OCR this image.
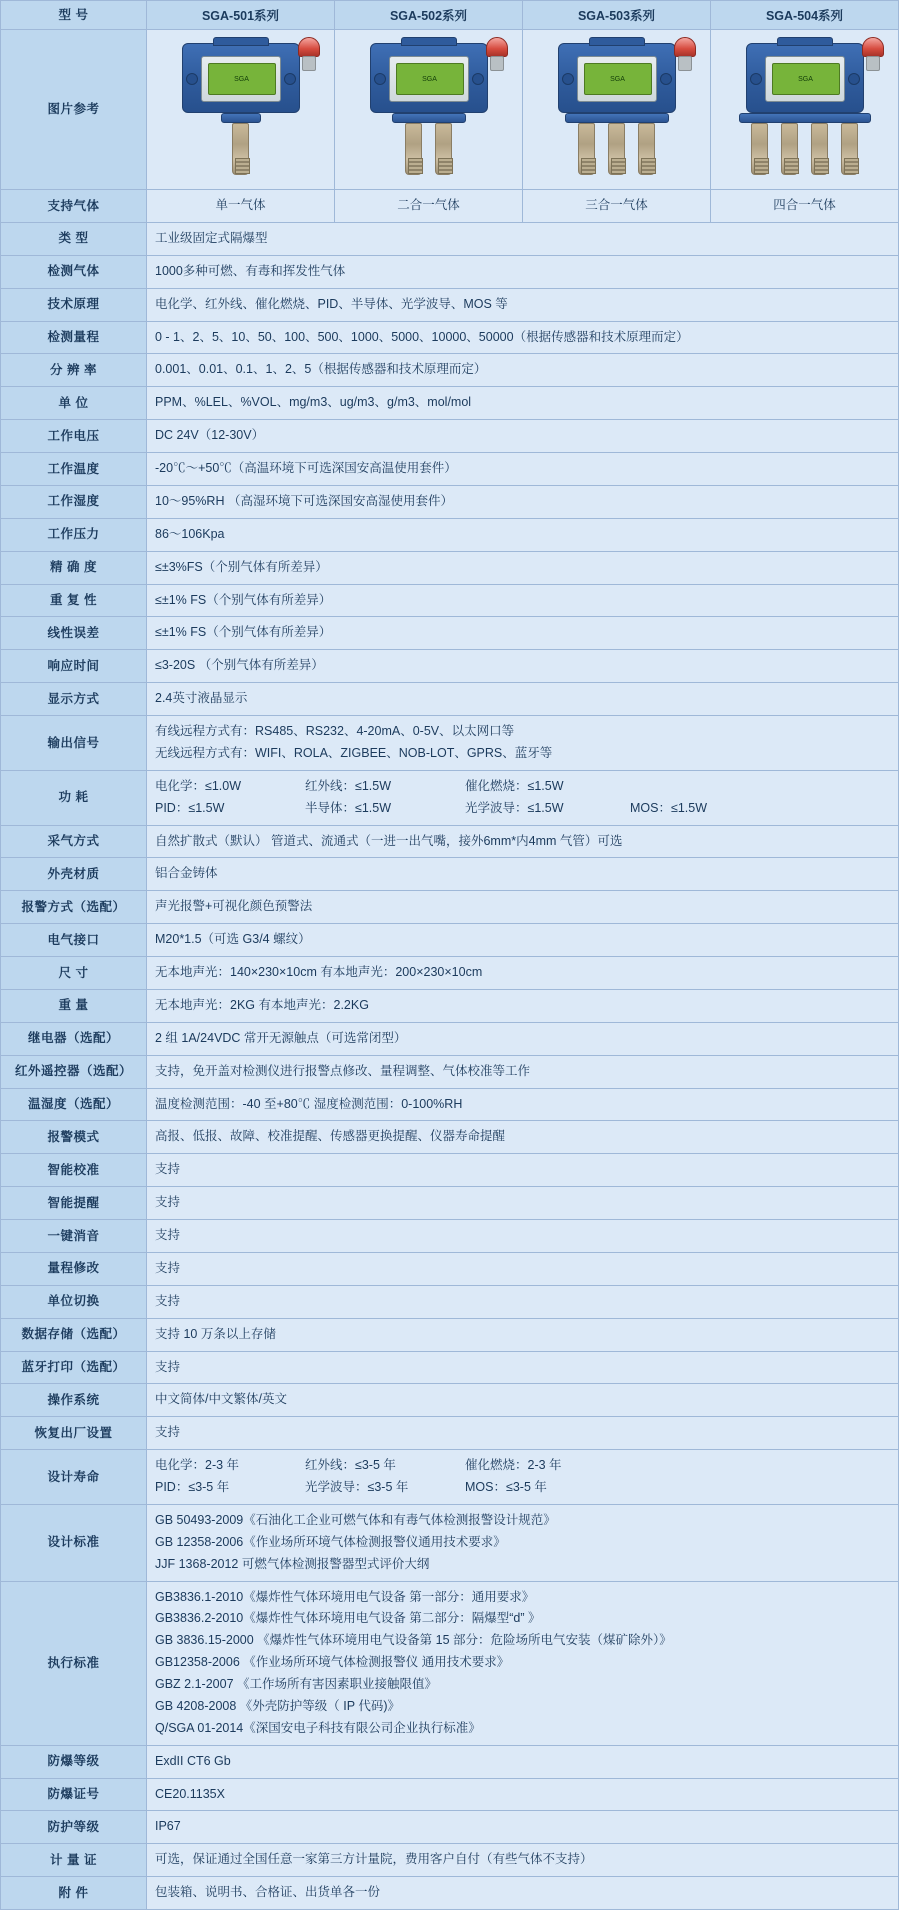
型 号	SGA-501系列	SGA-502系列	SGA-503系列	SGA-504系列
图片参考	SGA	SGA	SGA	SGA

支持气体	单一气体	二合一气体	三合一气体	四合一气体
类 型	工业级固定式隔爆型			
检测气体	1000多种可燃、有毒和挥发性气体			
技术原理	电化学、红外线、催化燃烧、PID、半导体、光学波导、MOS 等			
检测量程	0 - 1、2、5、10、50、100、500、1000、5000、10000、50000（根据传感器和技术原理而定）			
分 辨 率	0.001、0.01、0.1、1、2、5（根据传感器和技术原理而定）			
单 位	PPM、%LEL、%VOL、mg/m3、ug/m3、g/m3、mol/mol			
工作电压	DC 24V（12-30V）			
工作温度	-20℃～+50℃（高温环境下可选深国安高温使用套件）			
工作湿度	10～95%RH （高湿环境下可选深国安高湿使用套件）			
工作压力	86～106Kpa			
精 确 度	≤±3%FS（个别气体有所差异）			
重 复 性	≤±1% FS（个别气体有所差异）			
线性误差	≤±1% FS（个别气体有所差异）			
响应时间	≤3-20S （个别气体有所差异）			
显示方式	2.4英寸液晶显示			
输出信号	有线远程方式有：RS485、RS232、4-20mA、0-5V、以太网口等
无线远程方式有：WIFI、ROLA、ZIGBEE、NOB-LOT、GPRS、蓝牙等			

功 耗	
电化学：≤1.0W	红外线：≤1.5W	催化燃烧：≤1.5W
PID：≤1.5W	半导体：≤1.5W	光学波导：≤1.5W	MOS：≤1.5W

采气方式	自然扩散式（默认） 管道式、流通式（一进一出气嘴，接外6mm*内4mm 气管）可选			
外壳材质	铝合金铸体			
报警方式（选配）	声光报警+可视化颜色预警法			
电气接口	M20*1.5（可选 G3/4 螺纹）			
尺 寸	无本地声光：140×230×10cm 有本地声光：200×230×10cm			
重 量	无本地声光：2KG 有本地声光：2.2KG			
继电器（选配）	2 组 1A/24VDC 常开无源触点（可选常闭型）			
红外遥控器（选配）	支持，免开盖对检测仪进行报警点修改、量程调整、气体校准等工作			
温湿度（选配）	温度检测范围：-40 至+80℃ 湿度检测范围：0-100%RH			
报警模式	高报、低报、故障、校准提醒、传感器更换提醒、仪器寿命提醒			
智能校准	支持			
智能提醒	支持			
一键消音	支持			
量程修改	支持			
单位切换	支持			
数据存储（选配）	支持 10 万条以上存储			
蓝牙打印（选配）	支持			
操作系统	中文简体/中文繁体/英文			
恢复出厂设置	支持			
设计寿命	
电化学：2-3 年	红外线：≤3-5 年	催化燃烧：2-3 年
PID：≤3-5 年	光学波导：≤3-5 年	MOS：≤3-5 年

设计标准	GB 50493-2009《石油化工企业可燃气体和有毒气体检测报警设计规范》
GB 12358-2006《作业场所环境气体检测报警仪通用技术要求》
JJF 1368-2012 可燃气体检测报警器型式评价大纲			

执行标准	
GB3836.1-2010《爆炸性气体环境用电气设备 第一部分：通用要求》
GB3836.2-2010《爆炸性气体环境用电气设备 第二部分：隔爆型“d” 》
GB 3836.15-2000 《爆炸性气体环境用电气设备第 15 部分：危险场所电气安装（煤矿除外）》
GB12358-2006 《作业场所环境气体检测报警仪 通用技术要求》
GBZ 2.1-2007 《工作场所有害因素职业接触限值》
GB 4208-2008 《外壳防护等级（ IP 代码)》
Q/SGA 01-2014《深国安电子科技有限公司企业执行标准》

防爆等级	ExdII CT6 Gb			
防爆证号	CE20.1135X			
防护等级	IP67			
计 量 证	可选，保证通过全国任意一家第三方计量院，费用客户自付（有些气体不支持）			
附 件	包装箱、说明书、合格证、出货单各一份			
